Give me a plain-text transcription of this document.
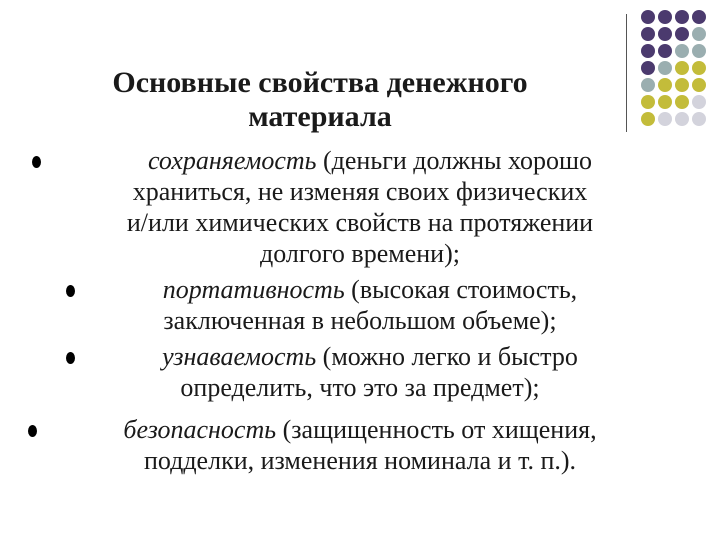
Основные свойства денежного
материала
сохраняемость (деньги должны хорошо
храниться, не изменяя своих физических
и/или химических свойств на протяжении
долгого времени);
портативность (высокая стоимость,
заключенная в небольшом объеме);
узнаваемость (можно легко и быстро
определить, что это за предмет);
безопасность (защищенность от хищения,
подделки, изменения номинала и т. п.).
